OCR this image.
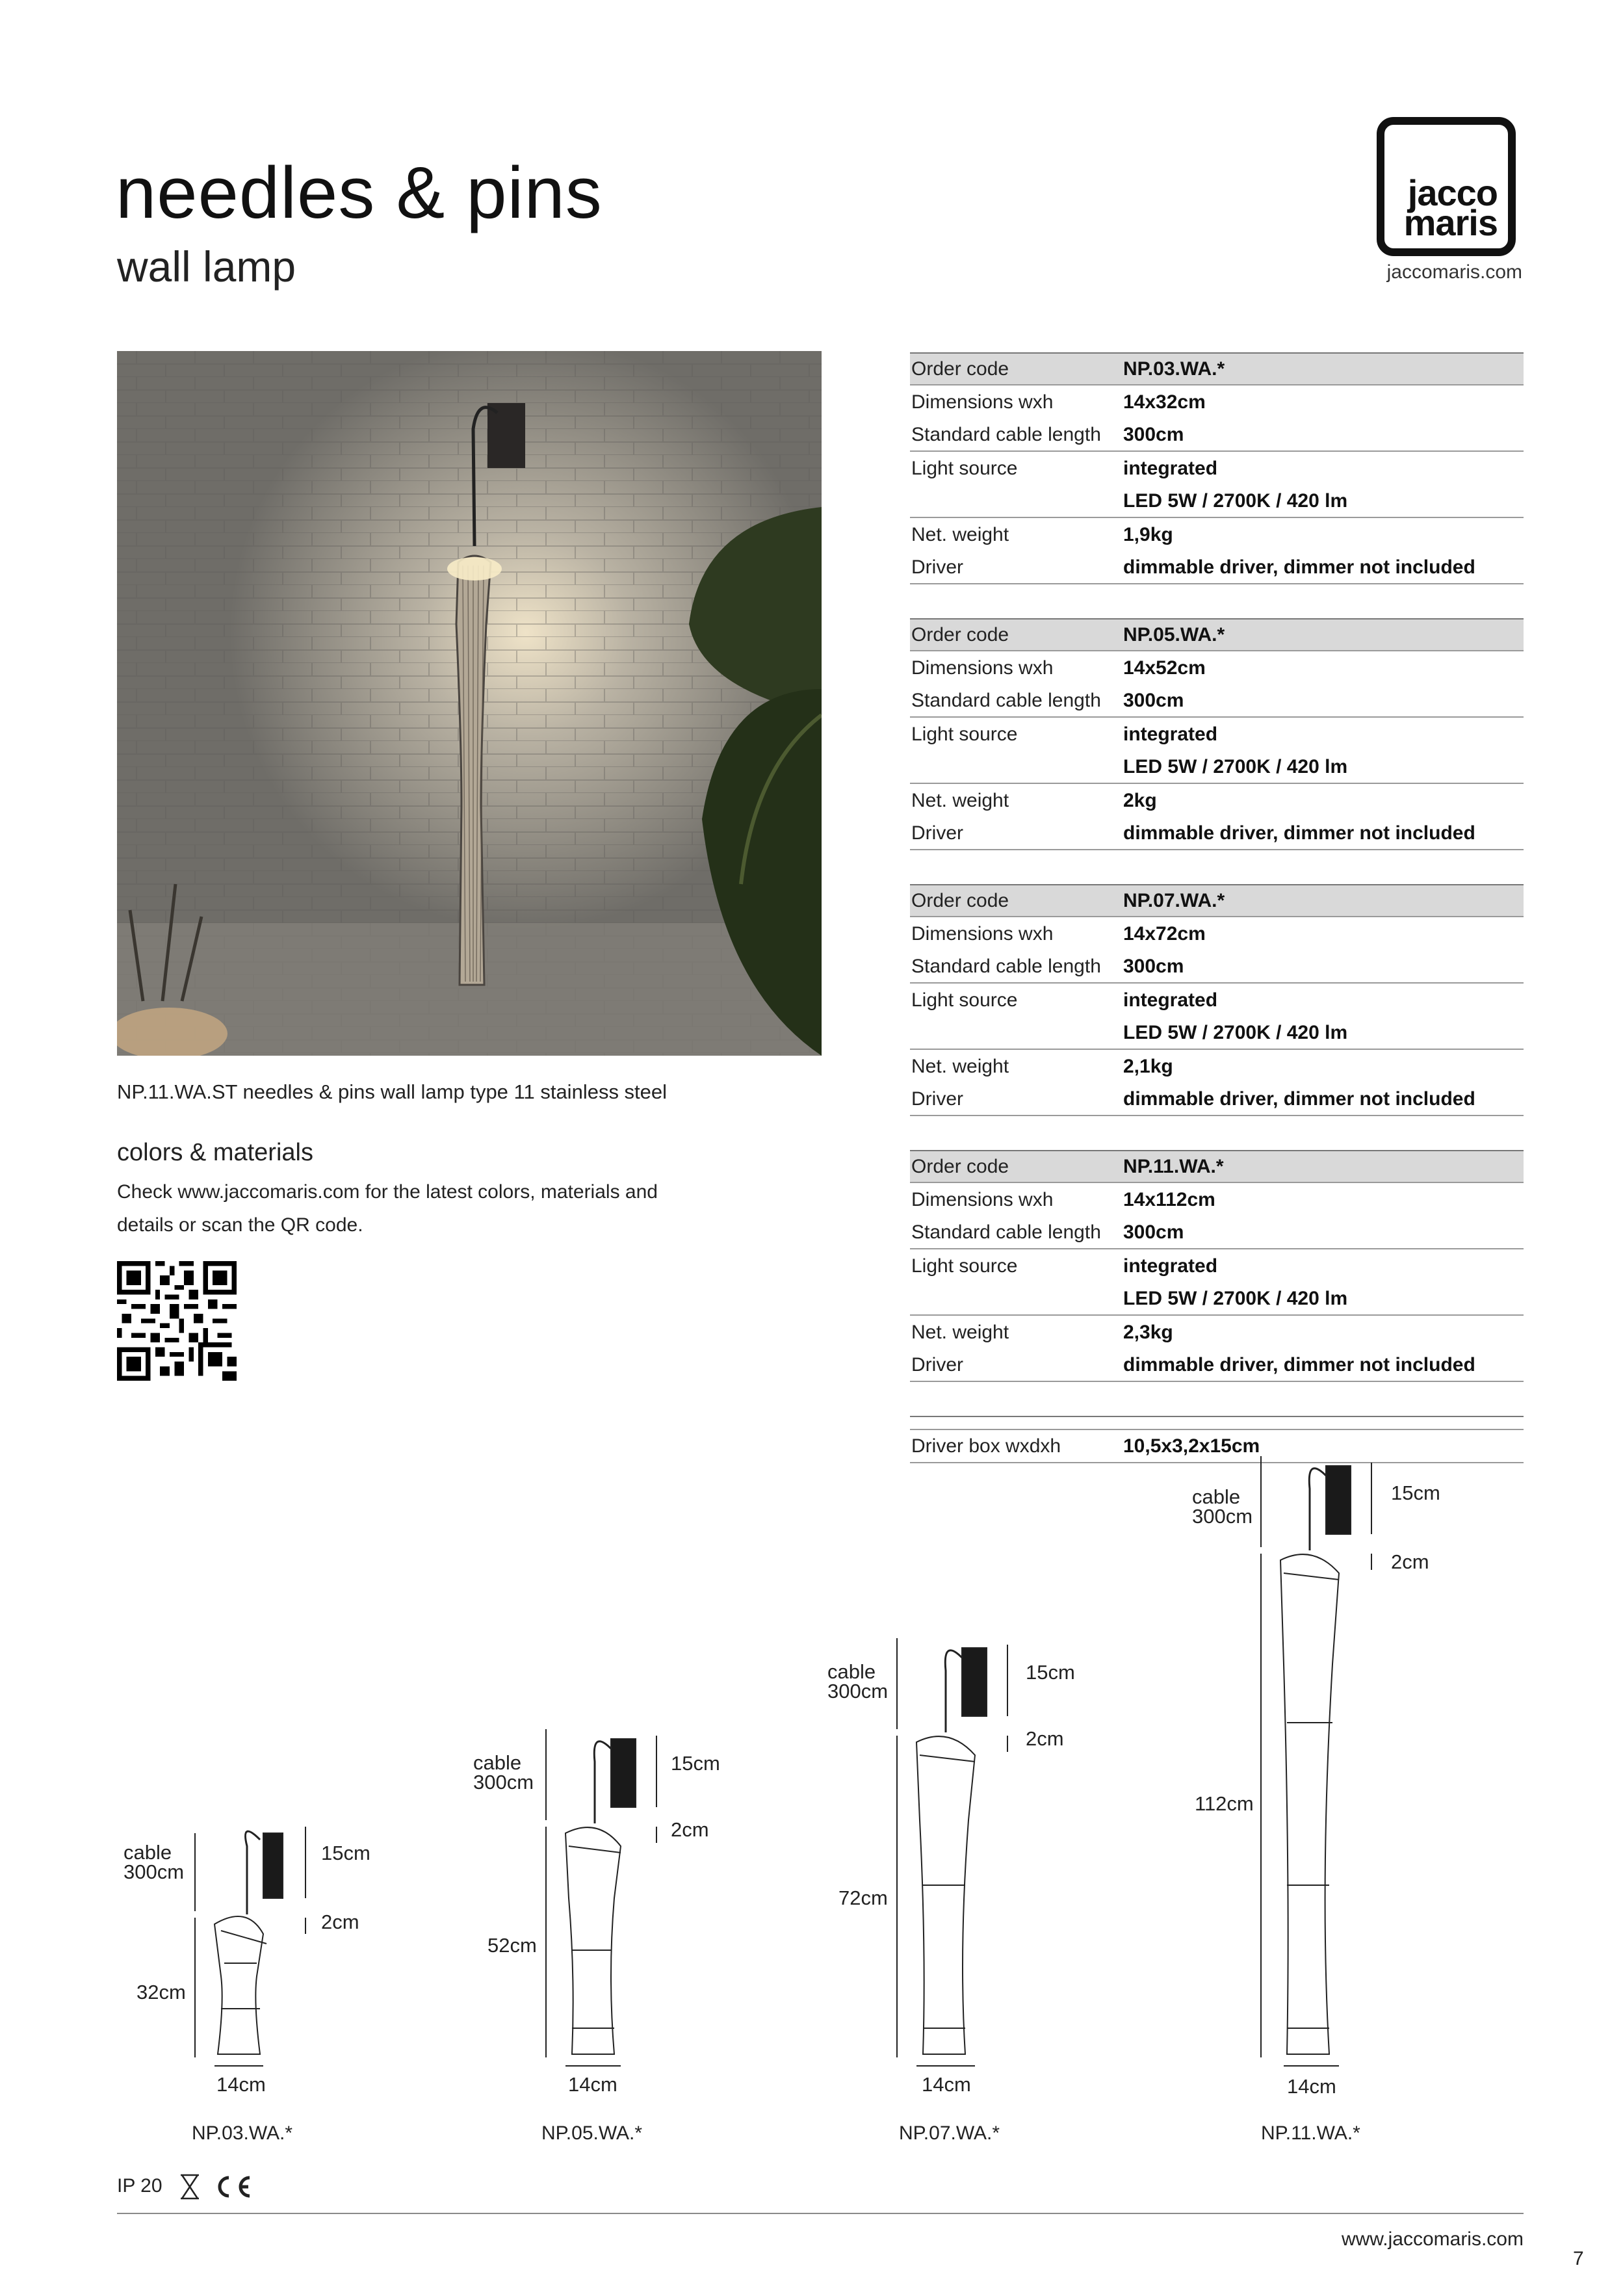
needles & pins
wall lamp
jacco
maris
jaccomaris.com
NP.11.WA.ST needles & pins wall lamp type 11 stainless steel
colors & materials
Check www.jaccomaris.com for the latest colors, materials and
details or scan the QR code.
Order code	NP.03.WA.*
Dimensions wxh	14x32cm
Standard cable length	300cm
Light source	integrated
LED 5W / 2700K / 420 lm
Net. weight	1,9kg
Driver	dimmable driver, dimmer not included
Order code	NP.05.WA.*
Dimensions wxh	14x52cm
Standard cable length	300cm
Light source	integrated
LED 5W / 2700K / 420 lm
Net. weight	2kg
Driver	dimmable driver, dimmer not included
Order code	NP.07.WA.*
Dimensions wxh	14x72cm
Standard cable length	300cm
Light source	integrated
LED 5W / 2700K / 420 lm
Net. weight	2,1kg
Driver	dimmable driver, dimmer not included
Order code	NP.11.WA.*
Dimensions wxh	14x112cm
Standard cable length	300cm
Light source	integrated
LED 5W / 2700K / 420 lm
Net. weight	2,3kg
Driver	dimmable driver, dimmer not included
Driver box wxdxh	10,5x3,2x15cm
cable
300cm
15cm
2cm
32cm
14cm
NP.03.WA.*
cable
300cm
15cm
2cm
52cm
14cm
NP.05.WA.*
cable
300cm
15cm
2cm
72cm
14cm
NP.07.WA.*
cable
300cm
15cm
2cm
112cm
14cm
NP.11.WA.*
IP 20
www.jaccomaris.com
7
